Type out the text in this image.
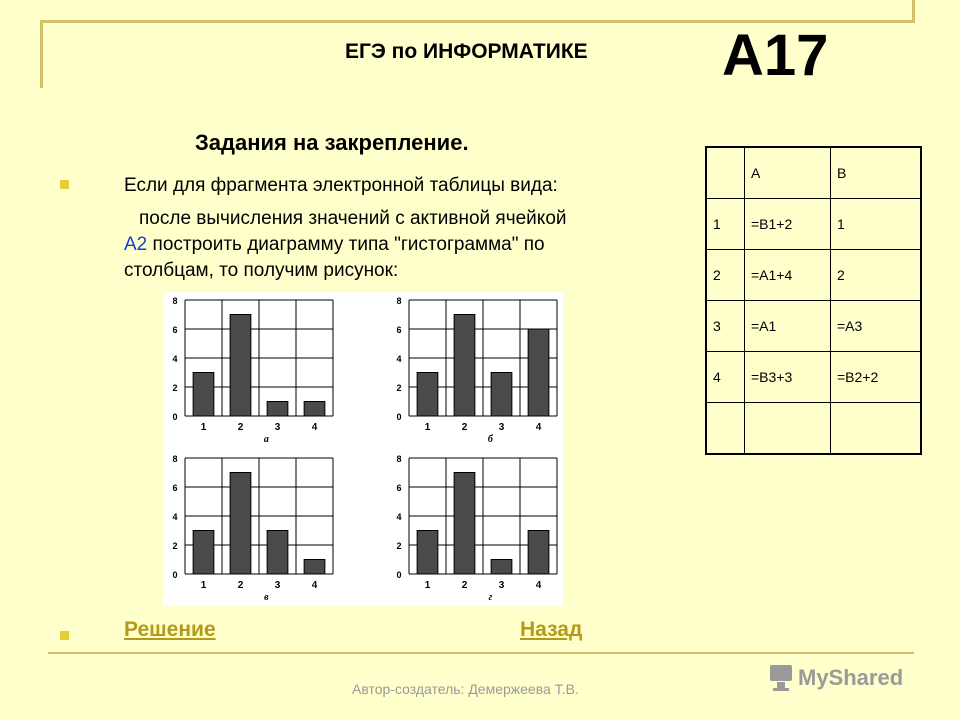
ЕГЭ по ИНФОРМАТИКЕ А17
Задания на закрепление.
Если для фрагмента электронной таблицы вида:
после вычисления значений с активной ячейкой
А2 построить диаграмму типа "гистограмма" по
столбцам, то получим рисунок:
	A	B
1	=B1+2	1
2	=A1+4	2
3	=A1	=A3
4	=B3+3	=B2+2

0
2
4
6
8
1	2	3	4
а
0
2
4
6
8
1	2	3	4
б
0
2
4
6
8
1	2	3	4
в
0
2
4
6
8
1	2	3	4
г
Решение	Назад
Автор-создатель: Демержеева Т.В.	MyShared
